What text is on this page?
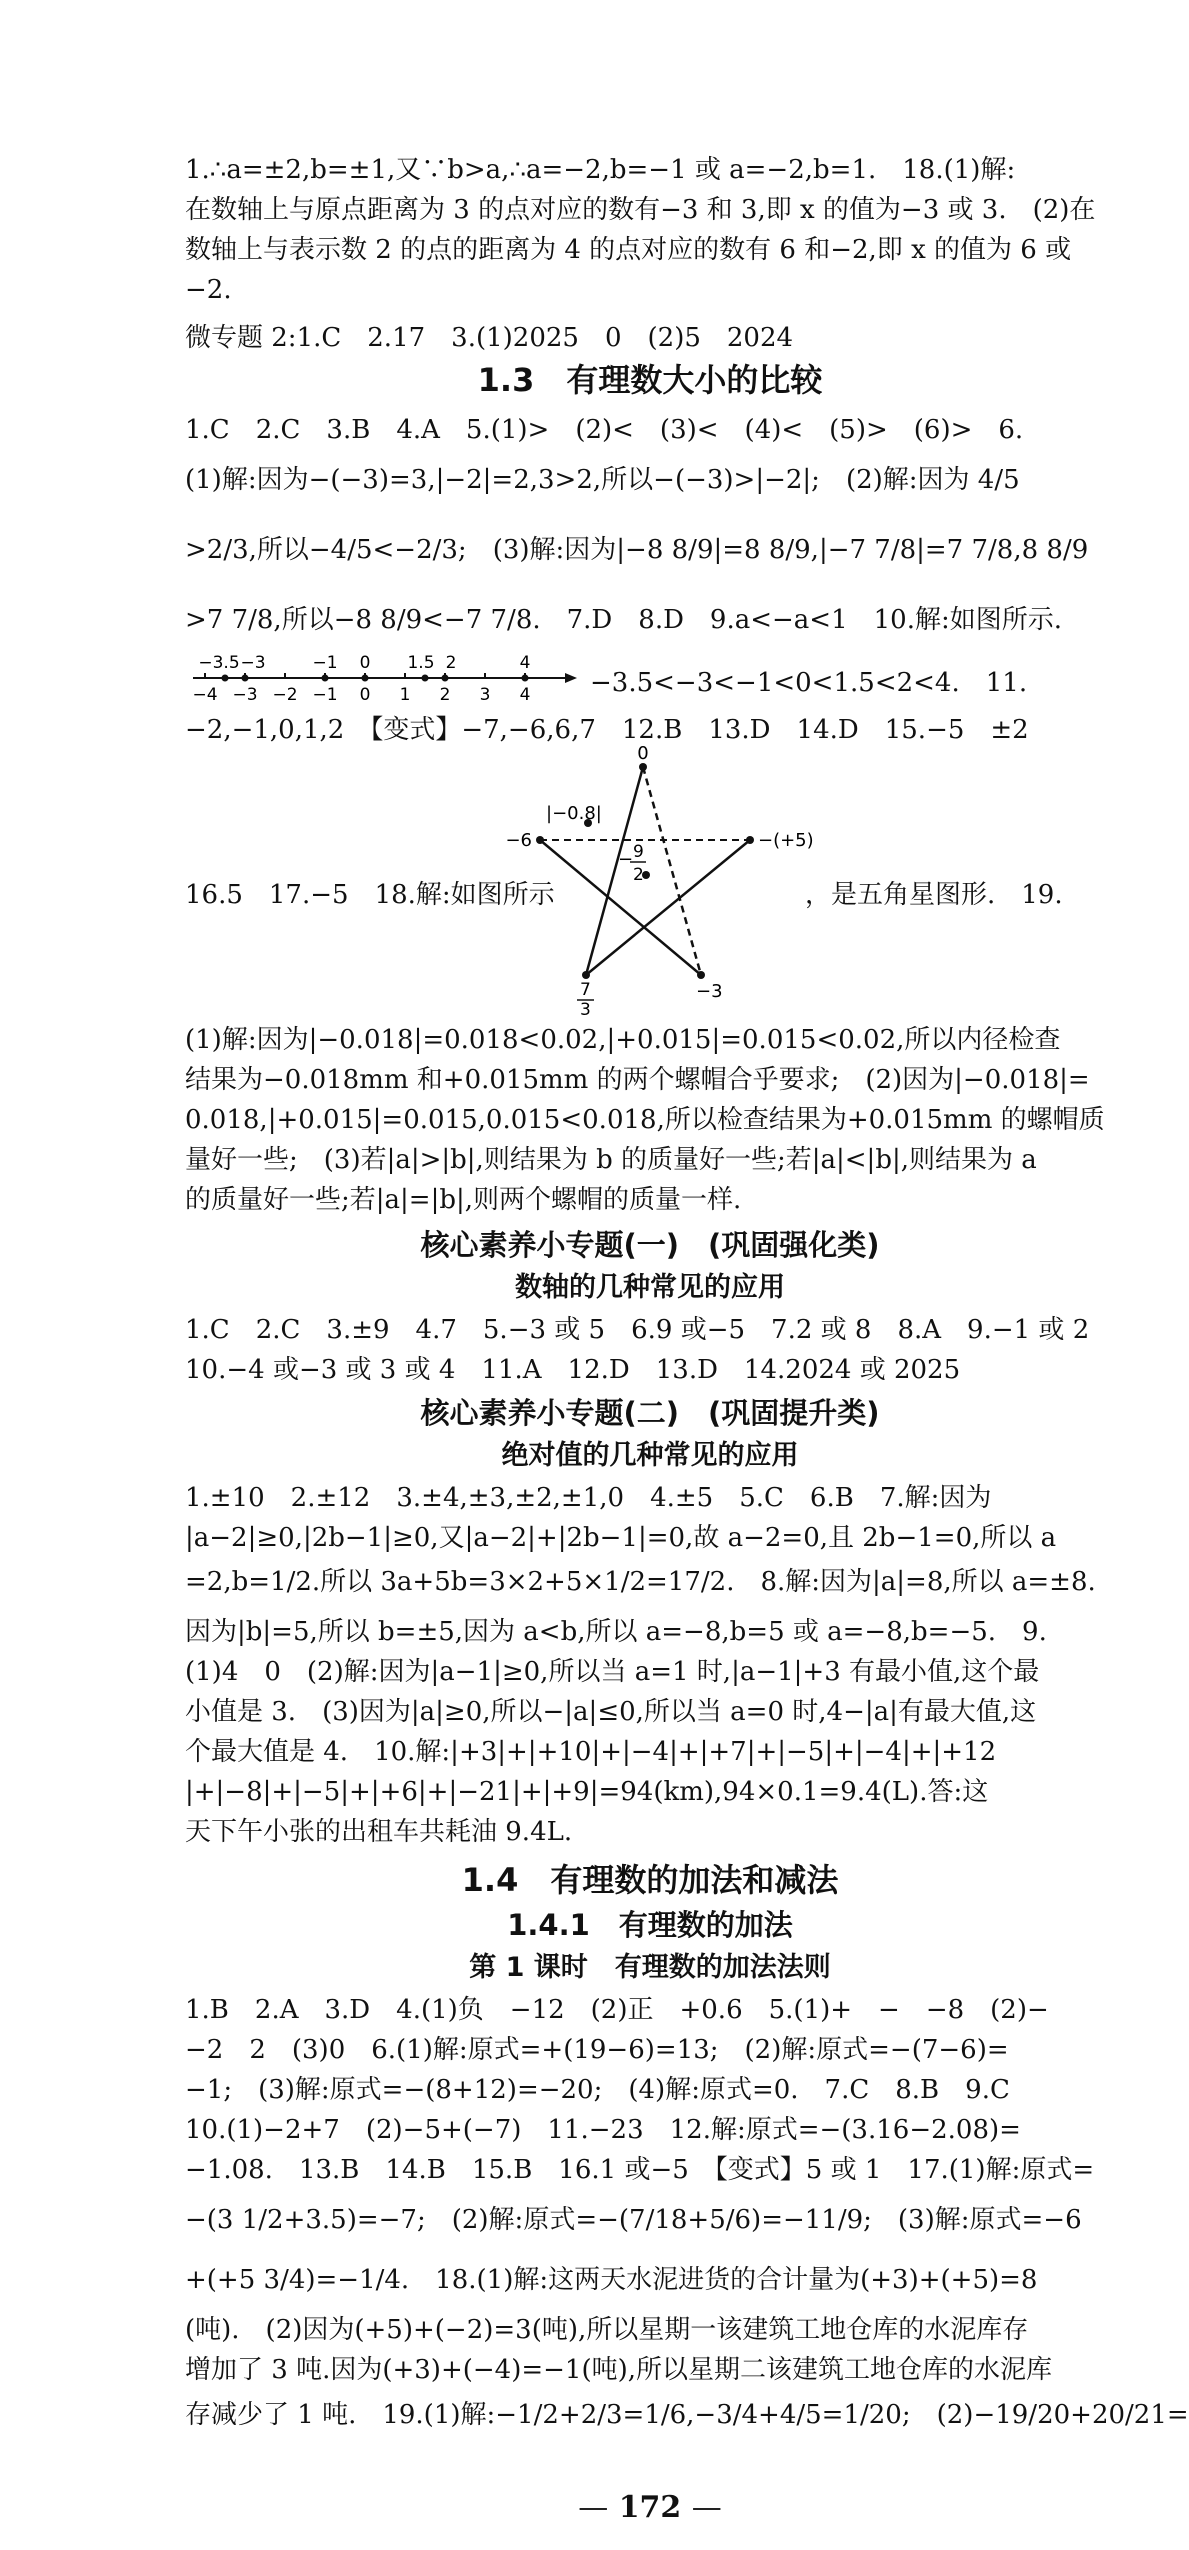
1.∴a=±2,b=±1,又∵b>a,∴a=−2,b=−1 或 a=−2,b=1.　18.(1)解:
在数轴上与原点距离为 3 的点对应的数有−3 和 3,即 x 的值为−3 或 3.　(2)在
数轴上与表示数 2 的点的距离为 4 的点对应的数有 6 和−2,即 x 的值为 6 或
−2.
微专题 2:1.C　2.17　3.(1)2025　0　(2)5　2024
1.3　有理数大小的比较
1.C　2.C　3.B　4.A　5.(1)>　(2)<　(3)<　(4)<　(5)>　(6)>　6.
(1)解:因为−(−3)=3,|−2|=2,3>2,所以−(−3)>|−2|;　(2)解:因为 4/5
>2/3,所以−4/5<−2/3;　(3)解:因为|−8 8/9|=8 8/9,|−7 7/8|=7 7/8,8 8/9
>7 7/8,所以−8 8/9<−7 7/8.　7.D　8.D　9.a<−a<1　10.解:如图所示.
−4 −3 −2 −1 0 1 2 3 4
−3.5 −3	−1 0 1.5 2	4
−3.5<−3<−1<0<1.5<2<4.　11.
−2,−1,0,1,2　【变式】−7,−6,6,7　12.B　13.D　14.D　15.−5　±2
16.5　17.−5　18.解:如图所示
0
−6	−(+5)
|−0.8|
− 9
2
7
3
−3
，是五角星图形.　19.
(1)解:因为|−0.018|=0.018<0.02,|+0.015|=0.015<0.02,所以内径检查
结果为−0.018mm 和+0.015mm 的两个螺帽合乎要求;　(2)因为|−0.018|=
0.018,|+0.015|=0.015,0.015<0.018,所以检查结果为+0.015mm 的螺帽质
量好一些;　(3)若|a|>|b|,则结果为 b 的质量好一些;若|a|<|b|,则结果为 a
的质量好一些;若|a|=|b|,则两个螺帽的质量一样.
核心素养小专题(一)　(巩固强化类)
数轴的几种常见的应用
1.C　2.C　3.±9　4.7　5.−3 或 5　6.9 或−5　7.2 或 8　8.A　9.−1 或 2
10.−4 或−3 或 3 或 4　11.A　12.D　13.D　14.2024 或 2025
核心素养小专题(二)　(巩固提升类)
绝对值的几种常见的应用
1.±10　2.±12　3.±4,±3,±2,±1,0　4.±5　5.C　6.B　7.解:因为
|a−2|≥0,|2b−1|≥0,又|a−2|+|2b−1|=0,故 a−2=0,且 2b−1=0,所以 a
=2,b=1/2.所以 3a+5b=3×2+5×1/2=17/2.　8.解:因为|a|=8,所以 a=±8.
因为|b|=5,所以 b=±5,因为 a<b,所以 a=−8,b=5 或 a=−8,b=−5.　9.
(1)4　0　(2)解:因为|a−1|≥0,所以当 a=1 时,|a−1|+3 有最小值,这个最
小值是 3.　(3)因为|a|≥0,所以−|a|≤0,所以当 a=0 时,4−|a|有最大值,这
个最大值是 4.　10.解:|+3|+|+10|+|−4|+|+7|+|−5|+|−4|+|+12
|+|−8|+|−5|+|+6|+|−21|+|+9|=94(km),94×0.1=9.4(L).答:这
天下午小张的出租车共耗油 9.4L.
1.4　有理数的加法和减法
1.4.1　有理数的加法
第 1 课时　有理数的加法法则
1.B　2.A　3.D　4.(1)负　−12　(2)正　+0.6　5.(1)+　−　−8　(2)−
−2　2　(3)0　6.(1)解:原式=+(19−6)=13;　(2)解:原式=−(7−6)=
−1;　(3)解:原式=−(8+12)=−20;　(4)解:原式=0.　7.C　8.B　9.C
10.(1)−2+7　(2)−5+(−7)　11.−23　12.解:原式=−(3.16−2.08)=
−1.08.　13.B　14.B　15.B　16.1 或−5　【变式】5 或 1　17.(1)解:原式=
−(3 1/2+3.5)=−7;　(2)解:原式=−(7/18+5/6)=−11/9;　(3)解:原式=−6
+(+5 3/4)=−1/4.　18.(1)解:这两天水泥进货的合计量为(+3)+(+5)=8
(吨).　(2)因为(+5)+(−2)=3(吨),所以星期一该建筑工地仓库的水泥库存
增加了 3 吨.因为(+3)+(−4)=−1(吨),所以星期二该建筑工地仓库的水泥库
存减少了 1 吨.　19.(1)解:−1/2+2/3=1/6,−3/4+4/5=1/20;　(2)−19/20+20/21=
— 172 —
